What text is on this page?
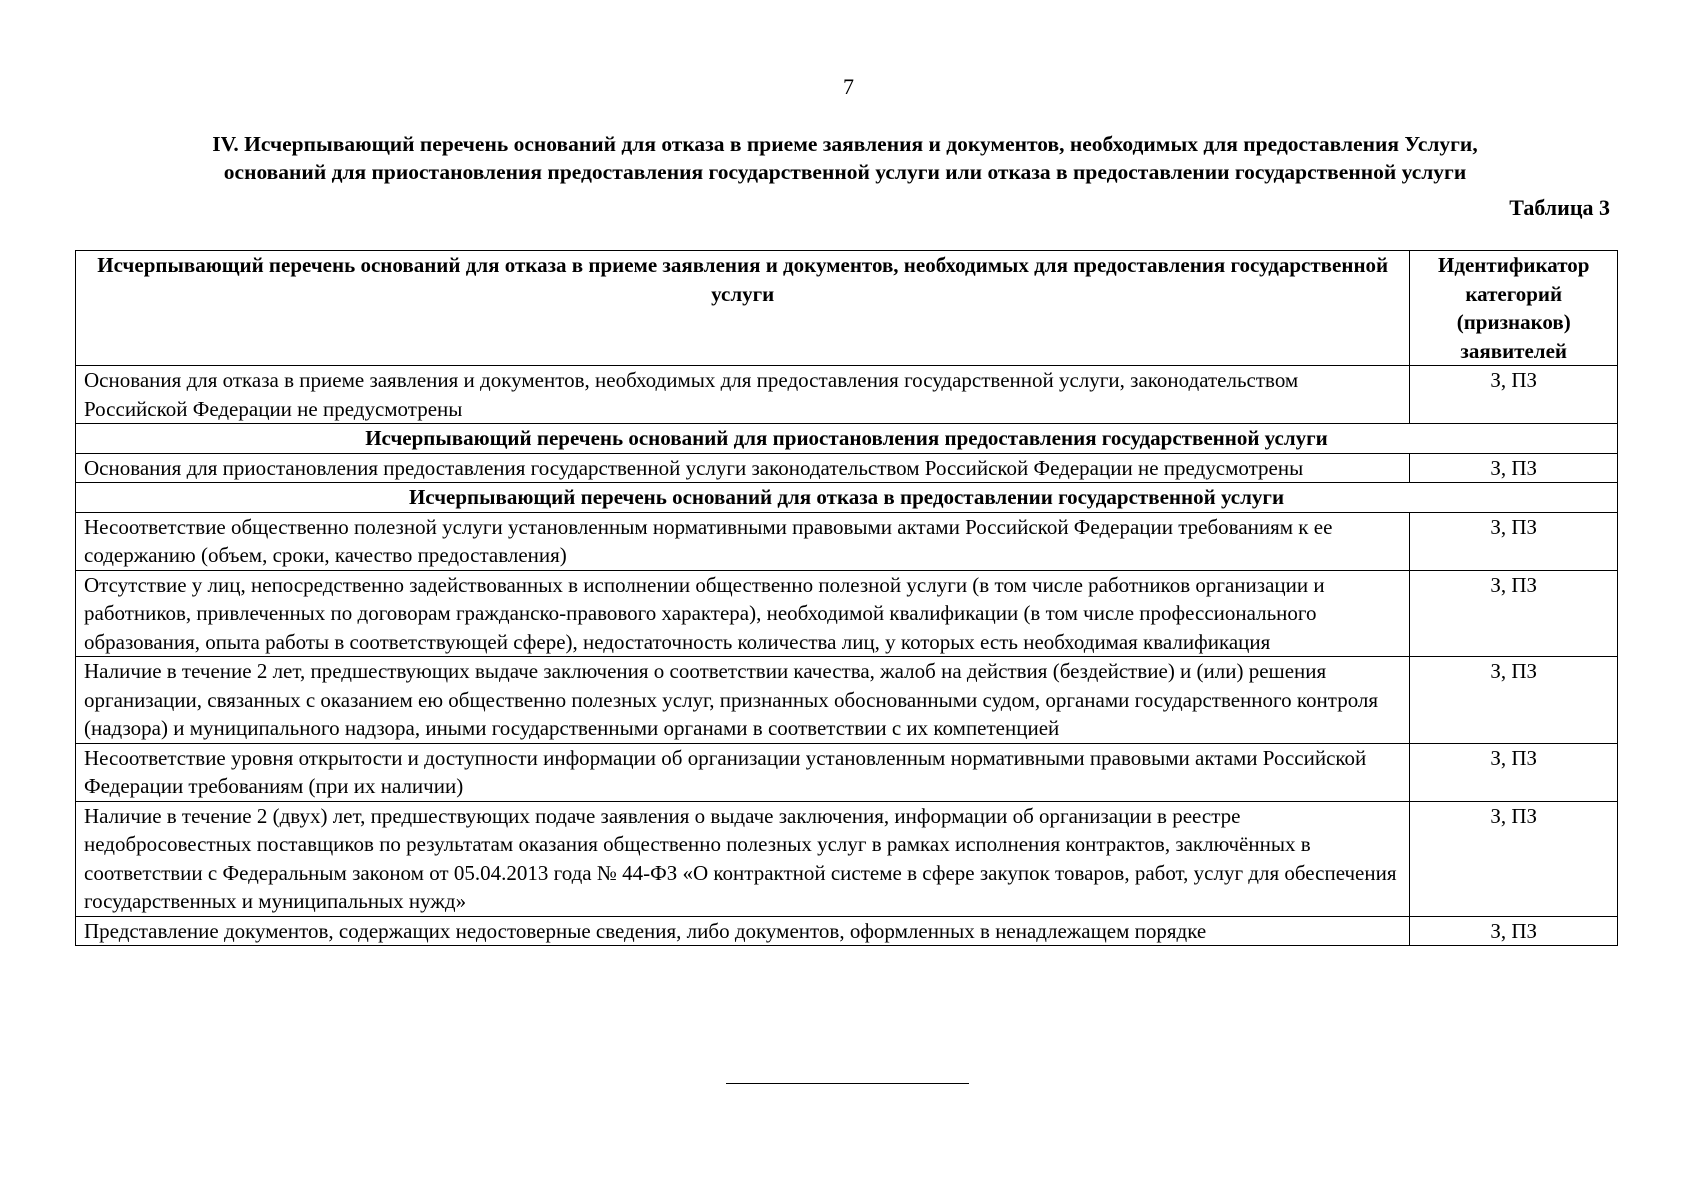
7
IV. Исчерпывающий перечень оснований для отказа в приеме заявления и документов, необходимых для предоставления Услуги,
оснований для приостановления предоставления государственной услуги или отказа в предоставлении государственной услуги
Таблица 3
Исчерпывающий перечень оснований для отказа в приеме заявления и документов, необходимых для предоставления государственной услуги	Идентификатор категорий (признаков) заявителей
Основания для отказа в приеме заявления и документов, необходимых для предоставления государственной услуги, законодательством Российской Федерации не предусмотрены	З, ПЗ
Исчерпывающий перечень оснований для приостановления предоставления государственной услуги	
Основания для приостановления предоставления государственной услуги законодательством Российской Федерации не предусмотрены	З, ПЗ
Исчерпывающий перечень оснований для отказа в предоставлении государственной услуги	
Несоответствие общественно полезной услуги установленным нормативными правовыми актами Российской Федерации требованиям к ее содержанию (объем, сроки, качество предоставления)	З, ПЗ
Отсутствие у лиц, непосредственно задействованных в исполнении общественно полезной услуги (в том числе работников организации и работников, привлеченных по договорам гражданско-правового характера), необходимой квалификации (в том числе профессионального образования, опыта работы в соответствующей сфере), недостаточность количества лиц, у которых есть необходимая квалификация	З, ПЗ
Наличие в течение 2 лет, предшествующих выдаче заключения о соответствии качества, жалоб на действия (бездействие) и (или) решения организации, связанных с оказанием ею общественно полезных услуг, признанных обоснованными судом, органами государственного контроля (надзора) и муниципального надзора, иными государственными органами в соответствии с их компетенцией	З, ПЗ
Несоответствие уровня открытости и доступности информации об организации установленным нормативными правовыми актами Российской Федерации требованиям (при их наличии)	З, ПЗ
Наличие в течение 2 (двух) лет, предшествующих подаче заявления о выдаче заключения, информации об организации в реестре недобросовестных поставщиков по результатам оказания общественно полезных услуг в рамках исполнения контрактов, заключённых в соответствии с Федеральным законом от 05.04.2013 года № 44-ФЗ «О контрактной системе в сфере закупок товаров, работ, услуг для обеспечения государственных и муниципальных нужд»	З, ПЗ
Представление документов, содержащих недостоверные сведения, либо документов, оформленных в ненадлежащем порядке	З, ПЗ
